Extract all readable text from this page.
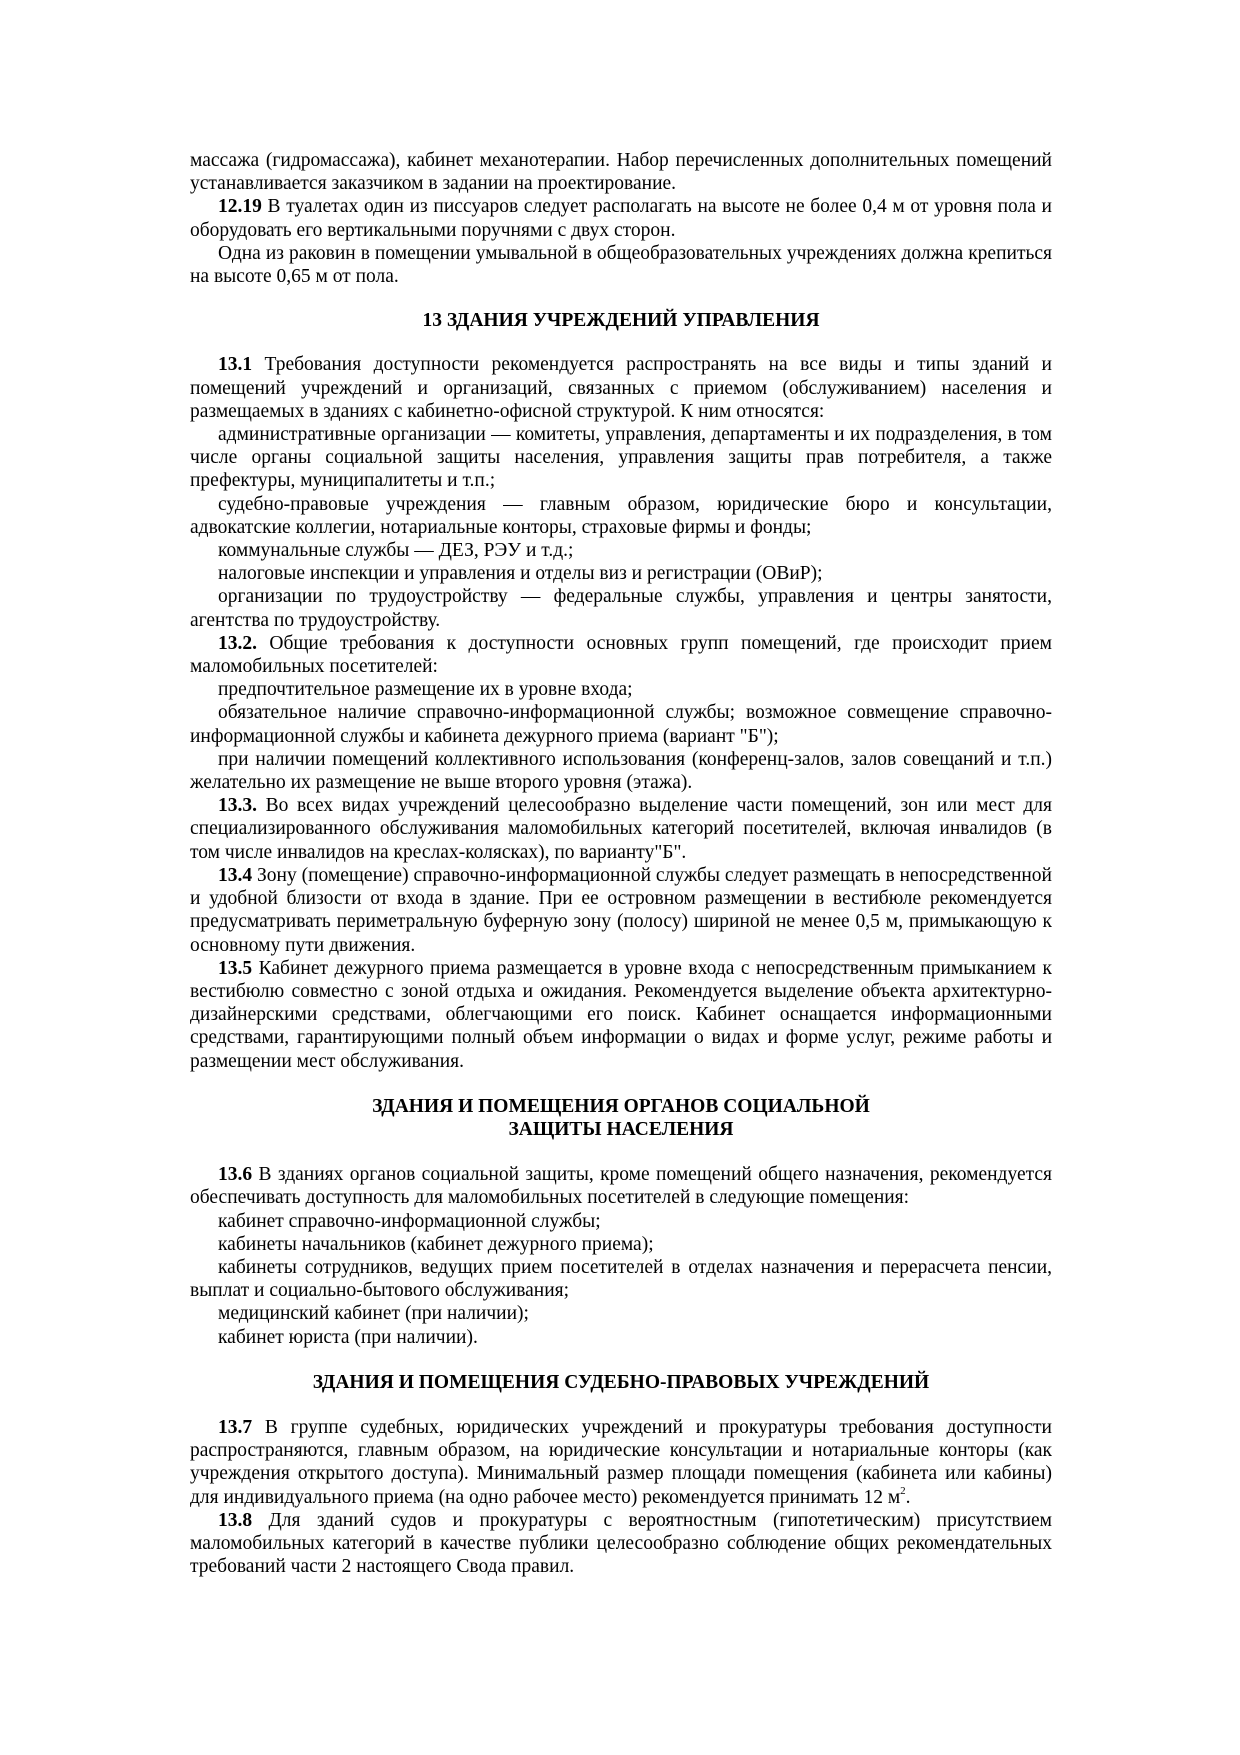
массажа (гидромассажа), кабинет механотерапии. Набор перечисленных дополнительных помещений устанавливается заказчиком в задании на проектирование.

12.19 В туалетах один из писсуаров следует располагать на высоте не более 0,4 м от уровня пола и оборудовать его вертикальными поручнями с двух сторон.

Одна из раковин в помещении умывальной в общеобразовательных учреждениях должна крепиться на высоте 0,65 м от пола.

13 ЗДАНИЯ УЧРЕЖДЕНИЙ УПРАВЛЕНИЯ

13.1 Требования доступности рекомендуется распространять на все виды и типы зданий и помещений учреждений и организаций, связанных с приемом (обслуживанием) населения и размещаемых в зданиях с кабинетно-офисной структурой. К ним относятся:

административные организации — комитеты, управления, департаменты и их подразделения, в том числе органы социальной защиты населения, управления защиты прав потребителя, а также префектуры, муниципалитеты и т.п.;

судебно-правовые учреждения — главным образом, юридические бюро и консультации, адвокатские коллегии, нотариальные конторы, страховые фирмы и фонды;

коммунальные службы — ДЕЗ, РЭУ и т.д.;

налоговые инспекции и управления и отделы виз и регистрации (ОВиР);

организации по трудоустройству — федеральные службы, управления и центры занятости, агентства по трудоустройству.

13.2. Общие требования к доступности основных групп помещений, где происходит прием маломобильных посетителей:

предпочтительное размещение их в уровне входа;

обязательное наличие справочно-информационной службы; возможное совмещение справочно-информационной службы и кабинета дежурного приема (вариант "Б");

при наличии помещений коллективного использования (конференц-залов, залов совещаний и т.п.) желательно их размещение не выше второго уровня (этажа).

13.3. Во всех видах учреждений целесообразно выделение части помещений, зон или мест для специализированного обслуживания маломобильных категорий посетителей, включая инвалидов (в том числе инвалидов на креслах-колясках), по варианту"Б".

13.4 Зону (помещение) справочно-информационной службы следует размещать в непосредственной и удобной близости от входа в здание. При ее островном размещении в вестибюле рекомендуется предусматривать периметральную буферную зону (полосу) шириной не менее 0,5 м, примыкающую к основному пути движения.

13.5 Кабинет дежурного приема размещается в уровне входа с непосредственным примыканием к вестибюлю совместно с зоной отдыха и ожидания. Рекомендуется выделение объекта архитектурно-дизайнерскими средствами, облегчающими его поиск. Кабинет оснащается информационными средствами, гарантирующими полный объем информации о видах и форме услуг, режиме работы и размещении мест обслуживания.

ЗДАНИЯ И ПОМЕЩЕНИЯ ОРГАНОВ СОЦИАЛЬНОЙ
ЗАЩИТЫ НАСЕЛЕНИЯ

13.6 В зданиях органов социальной защиты, кроме помещений общего назначения, рекомендуется обеспечивать доступность для маломобильных посетителей в следующие помещения:

кабинет справочно-информационной службы;

кабинеты начальников (кабинет дежурного приема);

кабинеты сотрудников, ведущих прием посетителей в отделах назначения и перерасчета пенсии, выплат и социально-бытового обслуживания;

медицинский кабинет (при наличии);

кабинет юриста (при наличии).

ЗДАНИЯ И ПОМЕЩЕНИЯ СУДЕБНО-ПРАВОВЫХ УЧРЕЖДЕНИЙ

13.7 В группе судебных, юридических учреждений и прокуратуры требования доступности распространяются, главным образом, на юридические консультации и нотариальные конторы (как учреждения открытого доступа). Минимальный размер площади помещения (кабинета или кабины) для индивидуального приема (на одно рабочее место) рекомендуется принимать 12 $м^2$.

13.8 Для зданий судов и прокуратуры с вероятностным (гипотетическим) присутствием маломобильных категорий в качестве публики целесообразно соблюдение общих рекомендательных требований части 2 настоящего Свода правил.
